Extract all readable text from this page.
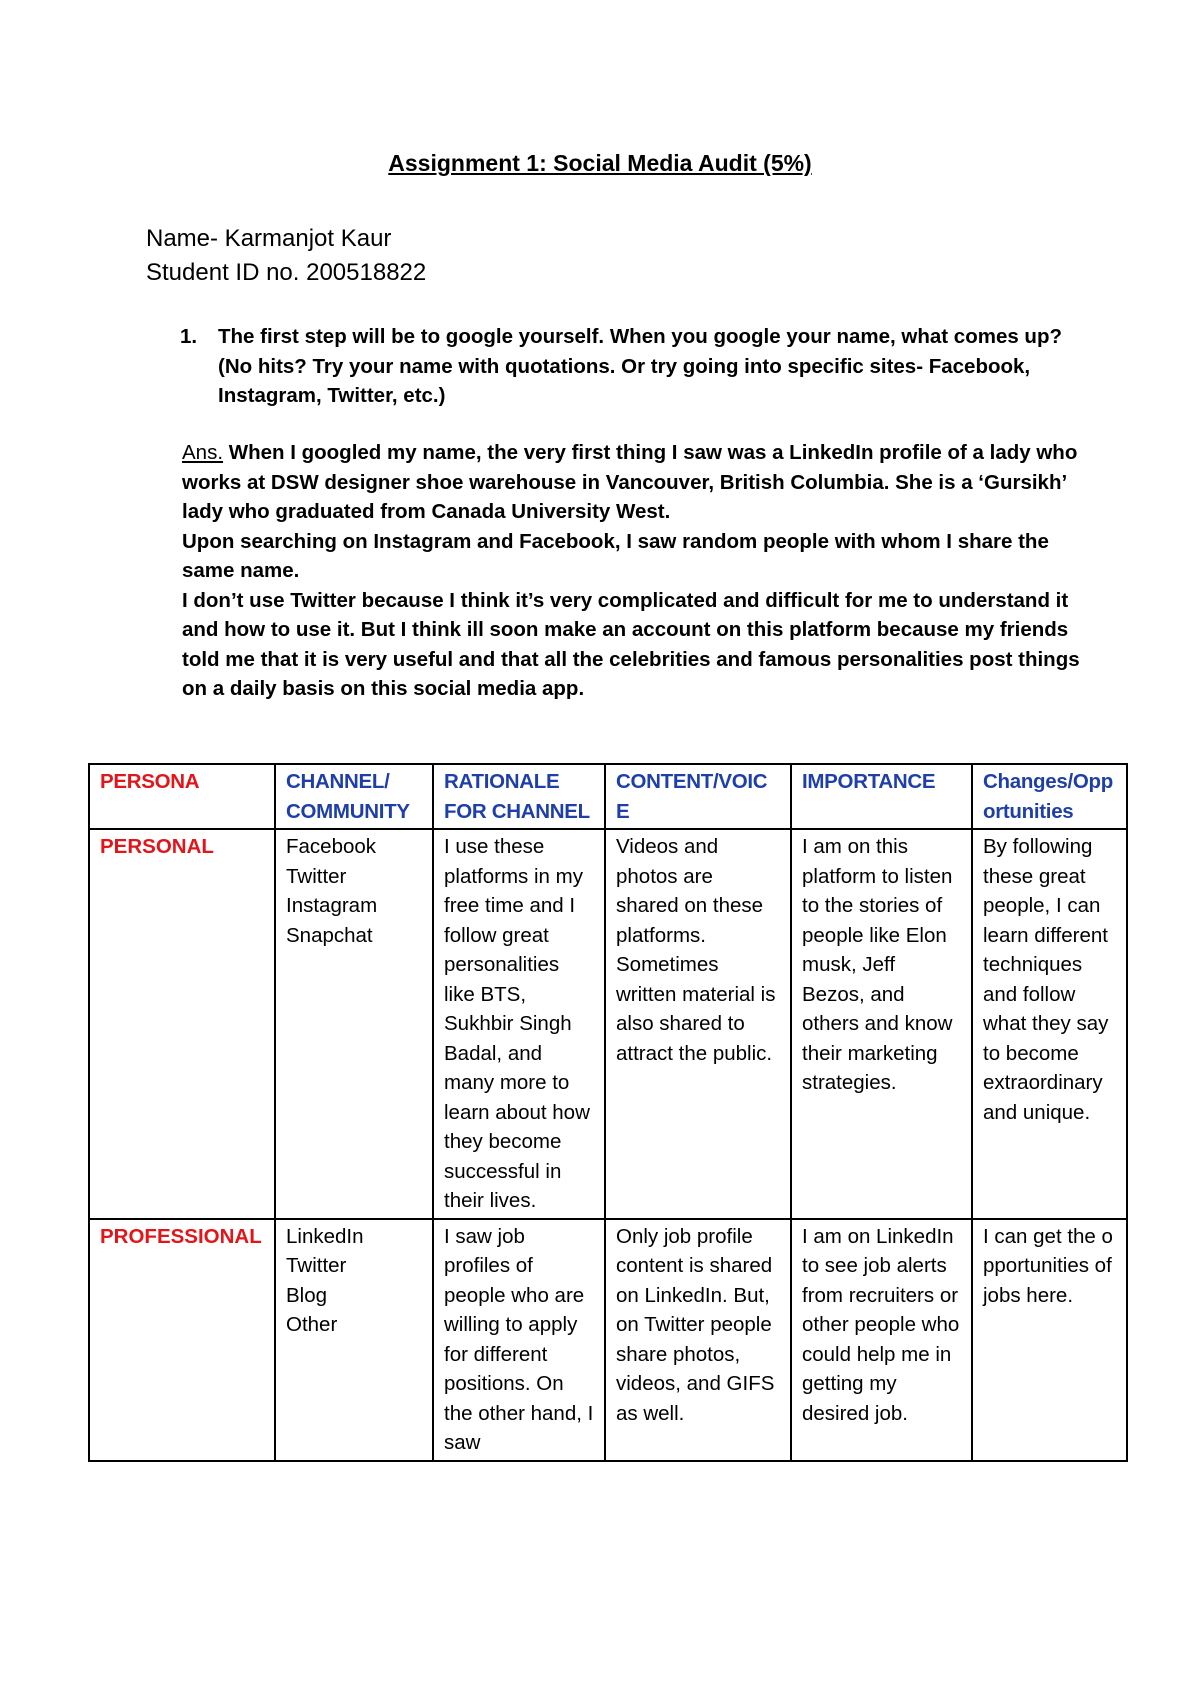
Assignment 1: Social Media Audit (5%)
Name- Karmanjot Kaur
Student ID no. 200518822
1. The first step will be to google yourself. When you google your name, what comes up? (No hits? Try your name with quotations. Or try going into specific sites- Facebook, Instagram, Twitter, etc.)

Ans. When I googled my name, the very first thing I saw was a LinkedIn profile of a lady who works at DSW designer shoe warehouse in Vancouver, British Columbia. She is a ‘Gursikh’ lady who graduated from Canada University West.

Upon searching on Instagram and Facebook, I saw random people with whom I share the same name.

I don’t use Twitter because I think it’s very complicated and difficult for me to understand it and how to use it. But I think ill soon make an account on this platform because my friends told me that it is very useful and that all the celebrities and famous personalities post things on a daily basis on this social media app.

PERSONA	CHANNEL/ COMMUNITY	RATIONALE FOR CHANNEL	CONTENT/VOICE	IMPORTANCE	Changes/Opportunities
PERSONAL	Facebook
Twitter
Instagram
Snapchat	I use these platforms in my free time and I follow great personalities like BTS, Sukhbir Singh Badal, and many more to learn about how they become successful in their lives.	Videos and photos are shared on these platforms. Sometimes written material is also shared to attract the public.	I am on this platform to listen to the stories of people like Elon musk, Jeff Bezos, and others and know their marketing strategies.	By following these great people, I can learn different techniques and follow what they say to become extraordinary and unique.
PROFESSIONAL	LinkedIn
Twitter
Blog
Other	I saw job profiles of people who are willing to apply for different positions. On the other hand, I saw	Only job profile content is shared on LinkedIn. But, on Twitter people share photos, videos, and GIFS as well.	I am on LinkedIn to see job alerts from recruiters or other people who could help me in getting my desired job.	I can get the opportunities of jobs here.
